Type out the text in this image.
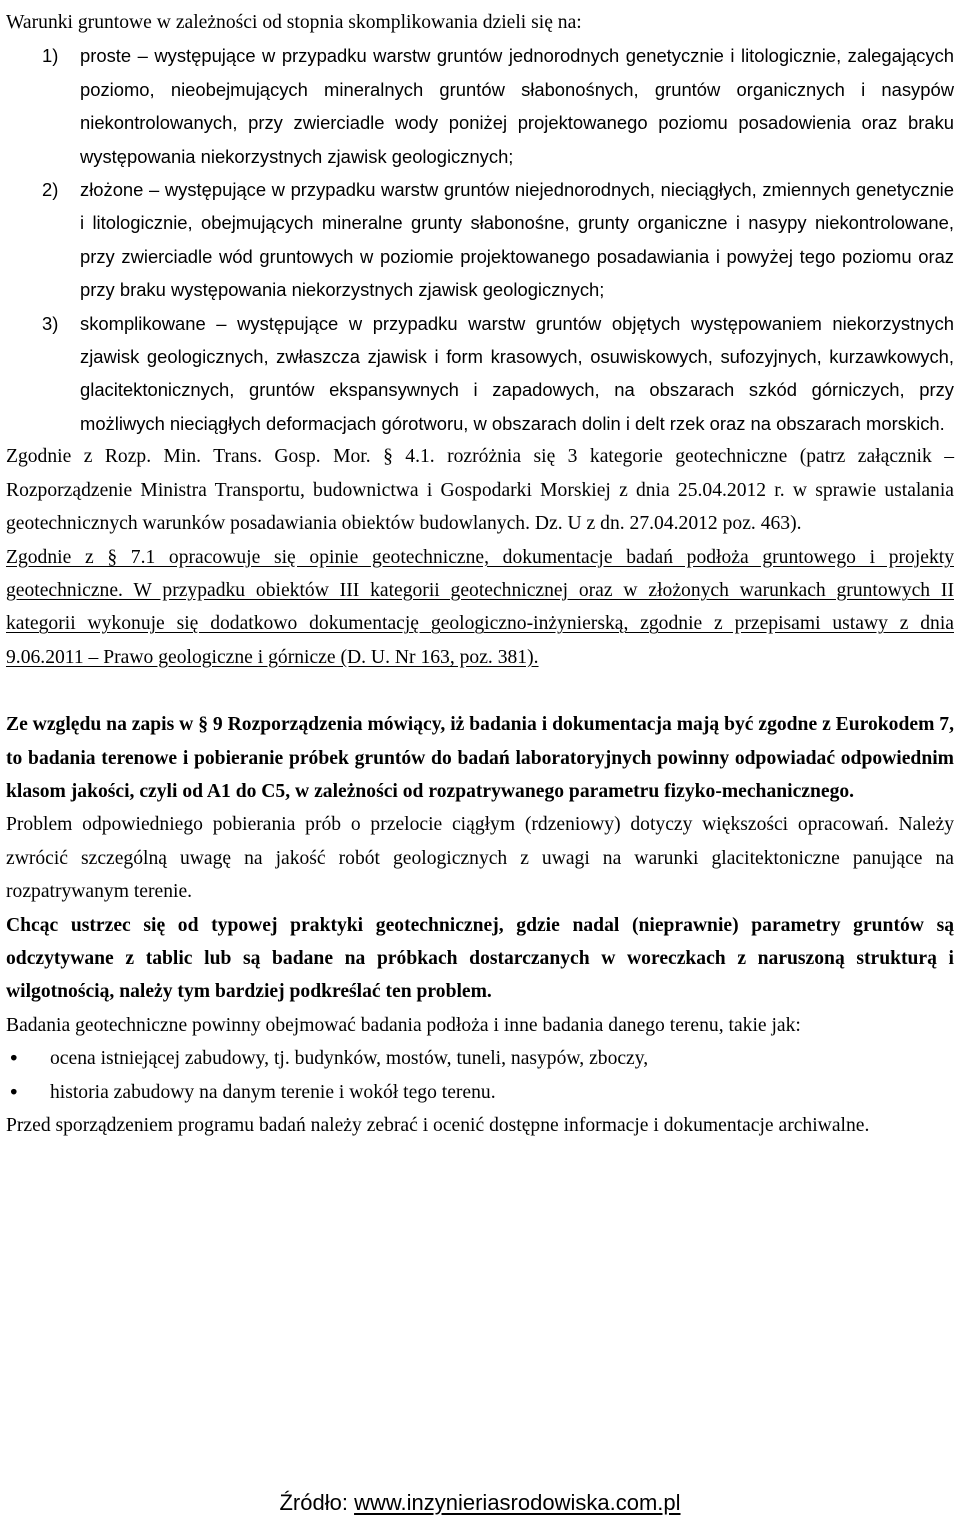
Warunki gruntowe w zależności od stopnia skomplikowania dzieli się na:

1) proste – występujące w przypadku warstw gruntów jednorodnych genetycznie i litologicznie, zalegających poziomo, nieobejmujących mineralnych gruntów słabonośnych, gruntów organicznych i nasypów niekontrolowanych, przy zwierciadle wody poniżej projektowanego poziomu posadowienia oraz braku występowania niekorzystnych zjawisk geologicznych;

2) złożone – występujące w przypadku warstw gruntów niejednorodnych, nieciągłych, zmiennych genetycznie i litologicznie, obejmujących mineralne grunty słabonośne, grunty organiczne i nasypy niekontrolowane, przy zwierciadle wód gruntowych w poziomie projektowanego posadawiania i powyżej tego poziomu oraz przy braku występowania niekorzystnych zjawisk geologicznych;

3) skomplikowane – występujące w przypadku warstw gruntów objętych występowaniem niekorzystnych zjawisk geologicznych, zwłaszcza zjawisk i form krasowych, osuwiskowych, sufozyjnych, kurzawkowych, glacitektonicznych, gruntów ekspansywnych i zapadowych, na obszarach szkód górniczych, przy możliwych nieciągłych deformacjach górotworu, w obszarach dolin i delt rzek oraz na obszarach morskich.

Zgodnie z Rozp. Min. Trans. Gosp. Mor. § 4.1. rozróżnia się 3 kategorie geotechniczne (patrz załącznik – Rozporządzenie Ministra Transportu, budownictwa i Gospodarki Morskiej z dnia 25.04.2012 r. w sprawie ustalania geotechnicznych warunków posadawiania obiektów budowlanych. Dz. U z dn. 27.04.2012 poz. 463).

Zgodnie z § 7.1 opracowuje się opinie geotechniczne, dokumentacje badań podłoża gruntowego i projekty geotechniczne. W przypadku obiektów III kategorii geotechnicznej oraz w złożonych warunkach gruntowych II kategorii wykonuje się dodatkowo dokumentację geologiczno-inżynierską, zgodnie z przepisami ustawy z dnia 9.06.2011 – Prawo geologiczne i górnicze (D. U. Nr 163, poz. 381).

Ze względu na zapis w § 9 Rozporządzenia mówiący, iż badania i dokumentacja mają być zgodne z Eurokodem 7, to badania terenowe i pobieranie próbek gruntów do badań laboratoryjnych powinny odpowiadać odpowiednim klasom jakości, czyli od A1 do C5, w zależności od rozpatrywanego parametru fizyko-mechanicznego.

Problem odpowiedniego pobierania prób o przelocie ciągłym (rdzeniowy) dotyczy większości opracowań. Należy zwrócić szczególną uwagę na jakość robót geologicznych z uwagi na warunki glacitektoniczne panujące na rozpatrywanym terenie.

Chcąc ustrzec się od typowej praktyki geotechnicznej, gdzie nadal (nieprawnie) parametry gruntów są odczytywane z tablic lub są badane na próbkach dostarczanych w woreczkach z naruszoną strukturą i wilgotnością, należy tym bardziej podkreślać ten problem.

Badania geotechniczne powinny obejmować badania podłoża i inne badania danego terenu, takie jak:

• ocena istniejącej zabudowy, tj. budynków, mostów, tuneli, nasypów, zboczy,
• historia zabudowy na danym terenie i wokół tego terenu.

Przed sporządzeniem programu badań należy zebrać i ocenić dostępne informacje i dokumentacje archiwalne.

Źródło: www.inzynieriasrodowiska.com.pl
